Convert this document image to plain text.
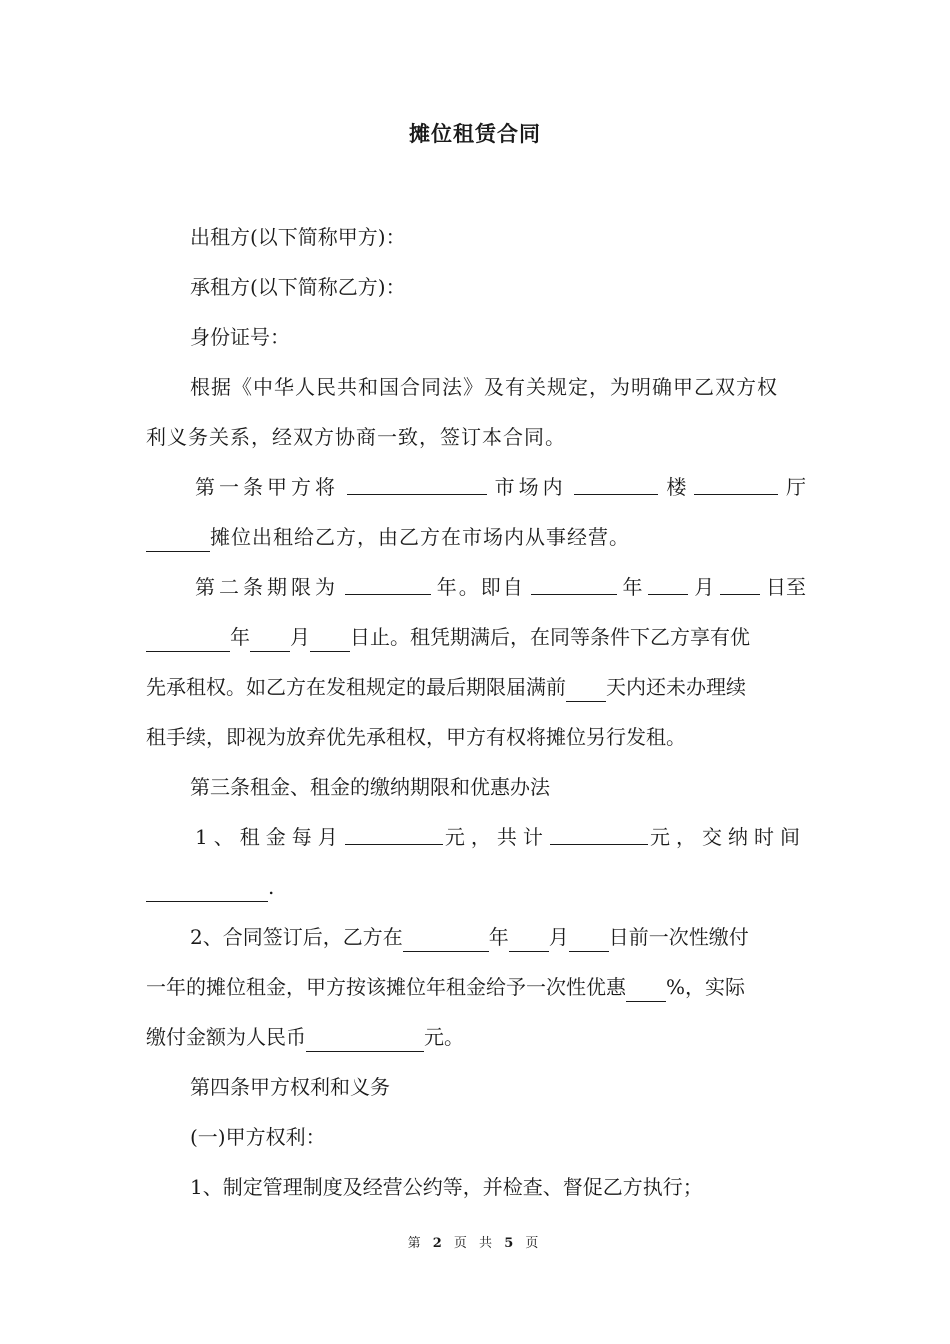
摊位租赁合同
出租方(以下简称甲方)：
承租方(以下简称乙方)：
身份证号：
根据《中华人民共和国合同法》及有关规定，为明确甲乙双方权
利义务关系，经双方协商一致，签订本合同。
第一条甲方将	市场内	楼	厅
摊位出租给乙方，由乙方在市场内从事经营。
第二条期限为	年。即自	年	月	日至
年 月 日止。租凭期满后，在同等条件下乙方享有优
先承租权。如乙方在发租规定的最后期限届满前 天内还未办理续
租手续，即视为放弃优先承租权，甲方有权将摊位另行发租。
第三条租金、租金的缴纳期限和优惠办法
1、租金每月	元，共计	元，交纳时间
.
2、合同签订后，乙方在	年 月 日前一次性缴付
一年的摊位租金，甲方按该摊位年租金给予一次性优惠 %，实际
缴付金额为人民币	元。
第四条甲方权利和义务
(一)甲方权利：
1、制定管理制度及经营公约等，并检查、督促乙方执行；
第 2 页 共 5 页
